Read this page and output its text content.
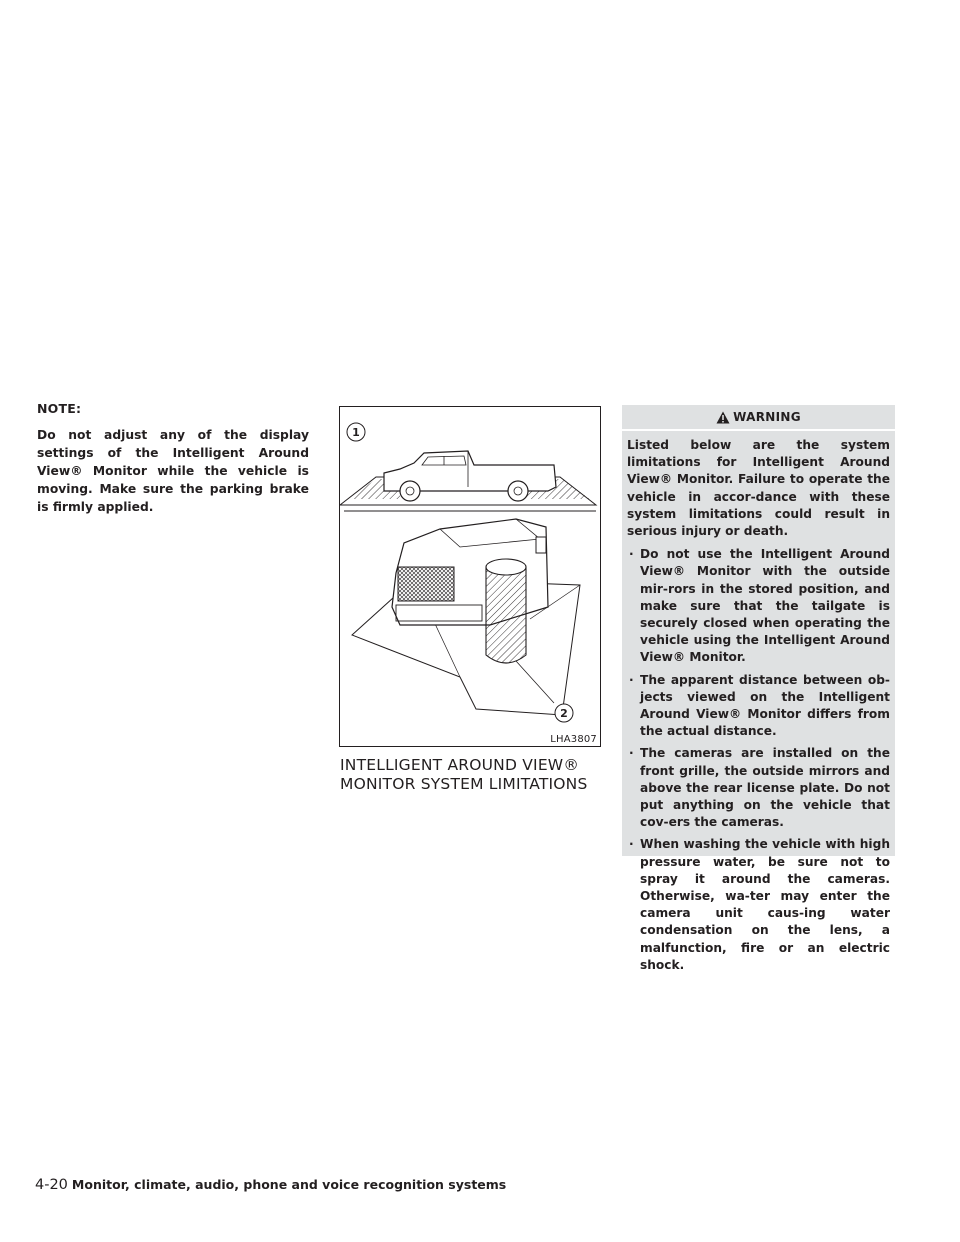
NOTE:

Do not adjust any of the display settings of the Intelligent Around View® Monitor while the vehicle is moving. Make sure the parking brake is firmly applied.

1
2
LHA3807
INTELLIGENT AROUND VIEW®
MONITOR SYSTEM LIMITATIONS
WARNING

Listed below are the system limitations for Intelligent Around View® Monitor. Failure to operate the vehicle in accor-dance with these system limitations could result in serious injury or death.

· Do not use the Intelligent Around View® Monitor with the outside mir-rors in the stored position, and make sure that the tailgate is securely closed when operating the vehicle using the Intelligent Around View® Monitor.
· The apparent distance between ob-jects viewed on the Intelligent Around View® Monitor differs from the actual distance.
· The cameras are installed on the front grille, the outside mirrors and above the rear license plate. Do not put anything on the vehicle that cov-ers the cameras.
· When washing the vehicle with high pressure water, be sure not to spray it around the cameras. Otherwise, wa-ter may enter the camera unit caus-ing water condensation on the lens, a malfunction, fire or an electric shock.
4-20 Monitor, climate, audio, phone and voice recognition systems
